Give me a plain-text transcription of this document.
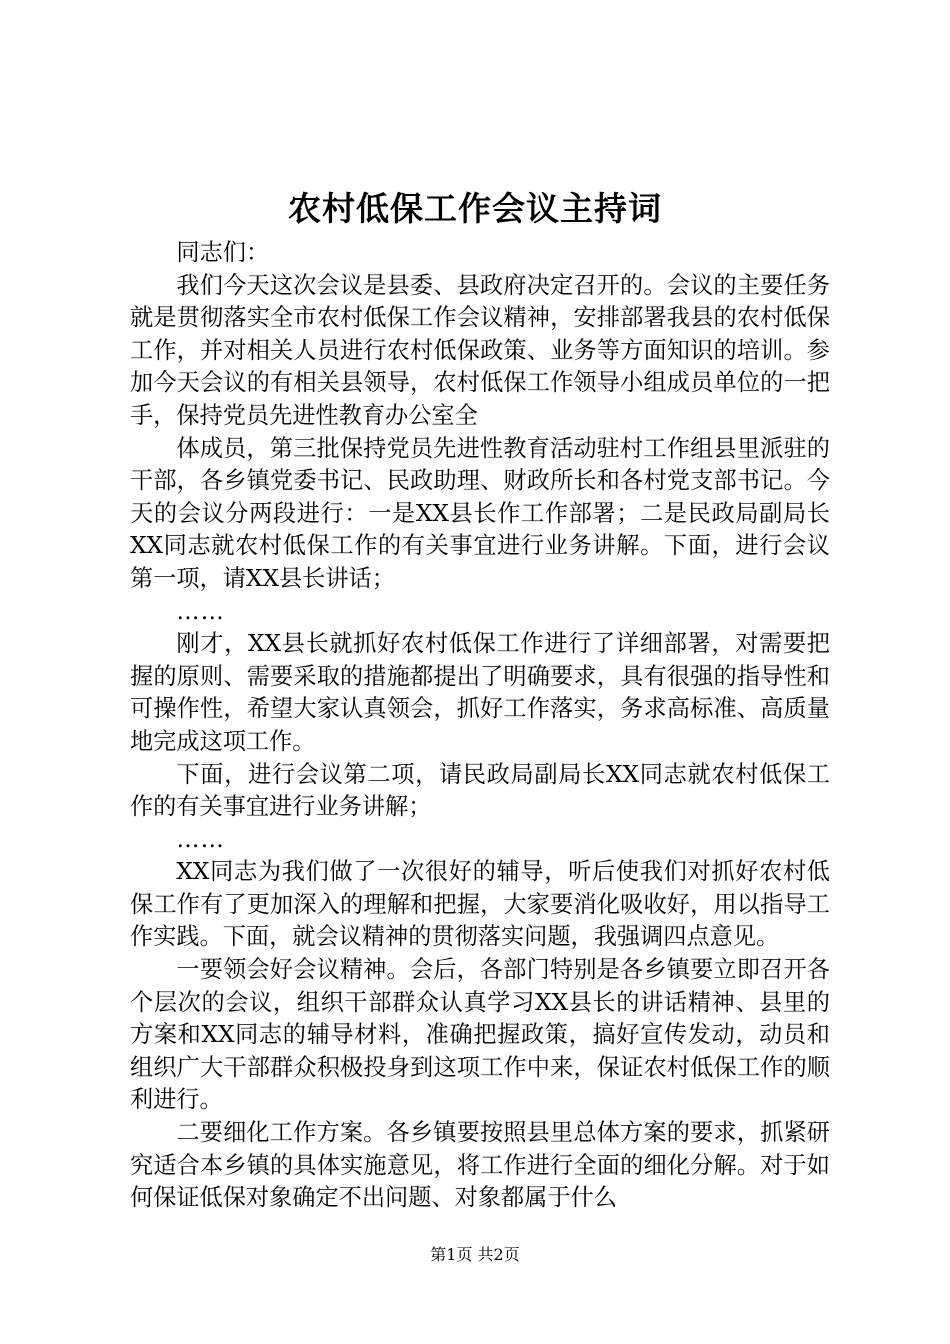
农村低保工作会议主持词

同志们：

我们今天这次会议是县委、县政府决定召开的。会议的主要任务就是贯彻落实全市农村低保工作会议精神，安排部署我县的农村低保工作，并对相关人员进行农村低保政策、业务等方面知识的培训。参加今天会议的有相关县领导，农村低保工作领导小组成员单位的一把手，保持党员先进性教育办公室全

体成员，第三批保持党员先进性教育活动驻村工作组县里派驻的干部，各乡镇党委书记、民政助理、财政所长和各村党支部书记。今天的会议分两段进行：一是XX县长作工作部署；二是民政局副局长XX同志就农村低保工作的有关事宜进行业务讲解。下面，进行会议第一项，请XX县长讲话；

……

刚才，XX县长就抓好农村低保工作进行了详细部署，对需要把握的原则、需要采取的措施都提出了明确要求，具有很强的指导性和可操作性，希望大家认真领会，抓好工作落实，务求高标准、高质量地完成这项工作。

下面，进行会议第二项，请民政局副局长XX同志就农村低保工作的有关事宜进行业务讲解；

……

XX同志为我们做了一次很好的辅导，听后使我们对抓好农村低保工作有了更加深入的理解和把握，大家要消化吸收好，用以指导工作实践。下面，就会议精神的贯彻落实问题，我强调四点意见。

一要领会好会议精神。会后，各部门特别是各乡镇要立即召开各个层次的会议，组织干部群众认真学习XX县长的讲话精神、县里的方案和XX同志的辅导材料，准确把握政策，搞好宣传发动，动员和组织广大干部群众积极投身到这项工作中来，保证农村低保工作的顺利进行。

二要细化工作方案。各乡镇要按照县里总体方案的要求，抓紧研究适合本乡镇的具体实施意见，将工作进行全面的细化分解。对于如何保证低保对象确定不出问题、对象都属于什么

第1页 共2页
